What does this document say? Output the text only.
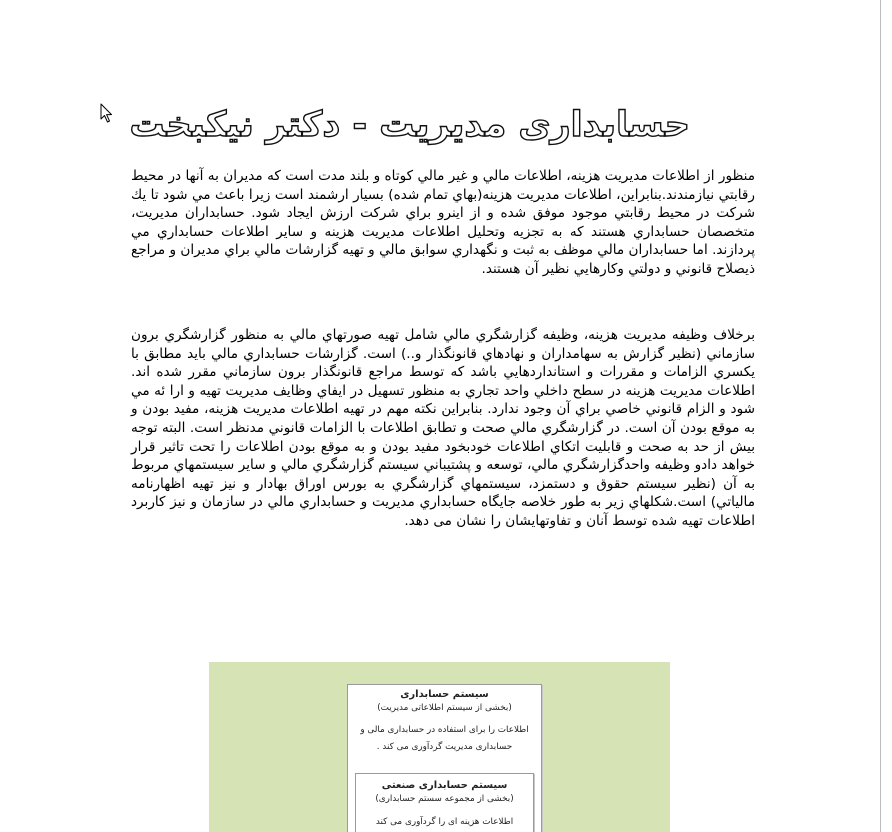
حسابداری مدیریت - دکتر نیکبخت
منظور از اطلاعات مديريت هزينه، اطلاعات مالي و غير مالي كوتاه و بلند مدت است كه مديران به آنها در محيط رقابتي نيازمندند.بنابراين، اطلاعات مديريت هزينه(بهاي تمام شده) بسيار ارشمند است زيرا باعث مي شود تا يك شركت در محيط رقابتي موجود موفق شده و از اينرو براي شركت ارزش ايجاد شود. حسابداران مديريت، متخصصان حسابداري هستند كه به تجزيه وتحليل اطلاعات مديريت هزينه و ساير اطلاعات حسابداري مي پردازند. اما حسابداران مالي موظف به ثبت و نگهداري سوابق مالي و تهيه گزارشات مالي براي مديران و مراجع ذيصلاح قانوني و دولتي وكارهايي نظير آن هستند.
برخلاف وظيفه مديريت هزينه، وظيفه گزارشگري مالي شامل تهيه صورتهاي مالي به منظور گزارشگري برون سازماني (نظير گزارش به سهامداران و نهادهاي قانونگذار و..) است. گزارشات حسابداري مالي بايد مطابق با يكسري الزامات و مقررات و استانداردهايي باشد كه توسط مراجع قانونگذار برون سازماني مقرر شده اند. اطلاعات مديريت هزينه در سطح داخلي واحد تجاري به منظور تسهيل در ايفاي وظايف مديريت تهيه و ارا ئه مي شود و الزام قانوني خاصي براي آن وجود ندارد. بنابراين نكته مهم در تهيه اطلاعات مديريت هزينه، مفيد بودن و به موقع بودن آن است. در گزارشگري مالي صحت و تطابق اطلاعات با الزامات قانوني مدنظر است. البته توجه بيش از حد به صحت و قابليت اتكاي اطلاعات خودبخود مفيد بودن و به موقع بودن اطلاعات را تحت تاثير قرار خواهد دادو وظيفه واحدگزارشگري مالي، توسعه و پشتيباني سيستم گزارشگري مالي و ساير سيستمهاي مربوط به آن (نظير سيستم حقوق و دستمزد، سيستمهاي گزارشگري به بورس اوراق بهادار و نيز تهيه اظهارنامه مالياتي) است.شكلهاي زير به طور خلاصه جايگاه حسابداري مديريت و حسابداري مالي در سازمان و نيز كاربرد اطلاعات تهيه شده توسط آنان و تفاوتهايشان را نشان می دهد.
سیستم حسابداری
(بخشی از سیستم اطلاعاتی مدیریت)
اطلاعات را برای استفاده در حسابداری مالی و حسابداری مدیریت گردآوری می کند .
سیستم حسابداری صنعتی
(بخشی از مجموعه سستم حسابداری)
اطلاعات هزینه ای را گردآوری می کند
